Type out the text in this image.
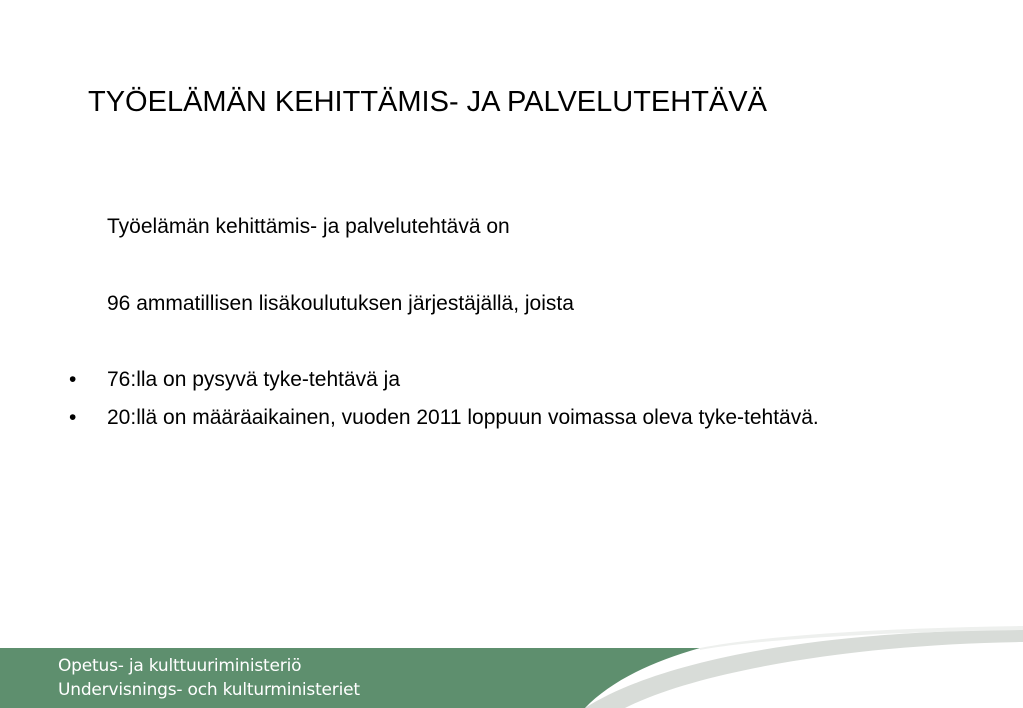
TYÖELÄMÄN KEHITTÄMIS- JA PALVELUTEHTÄVÄ
Työelämän kehittämis- ja palvelutehtävä on
96 ammatillisen lisäkoulutuksen järjestäjällä, joista
• 76:lla on pysyvä tyke-tehtävä ja
• 20:llä on määräaikainen, vuoden 2011 loppuun voimassa oleva tyke-tehtävä.
Opetus- ja kulttuuriministeriö
Undervisnings- och kulturministeriet
